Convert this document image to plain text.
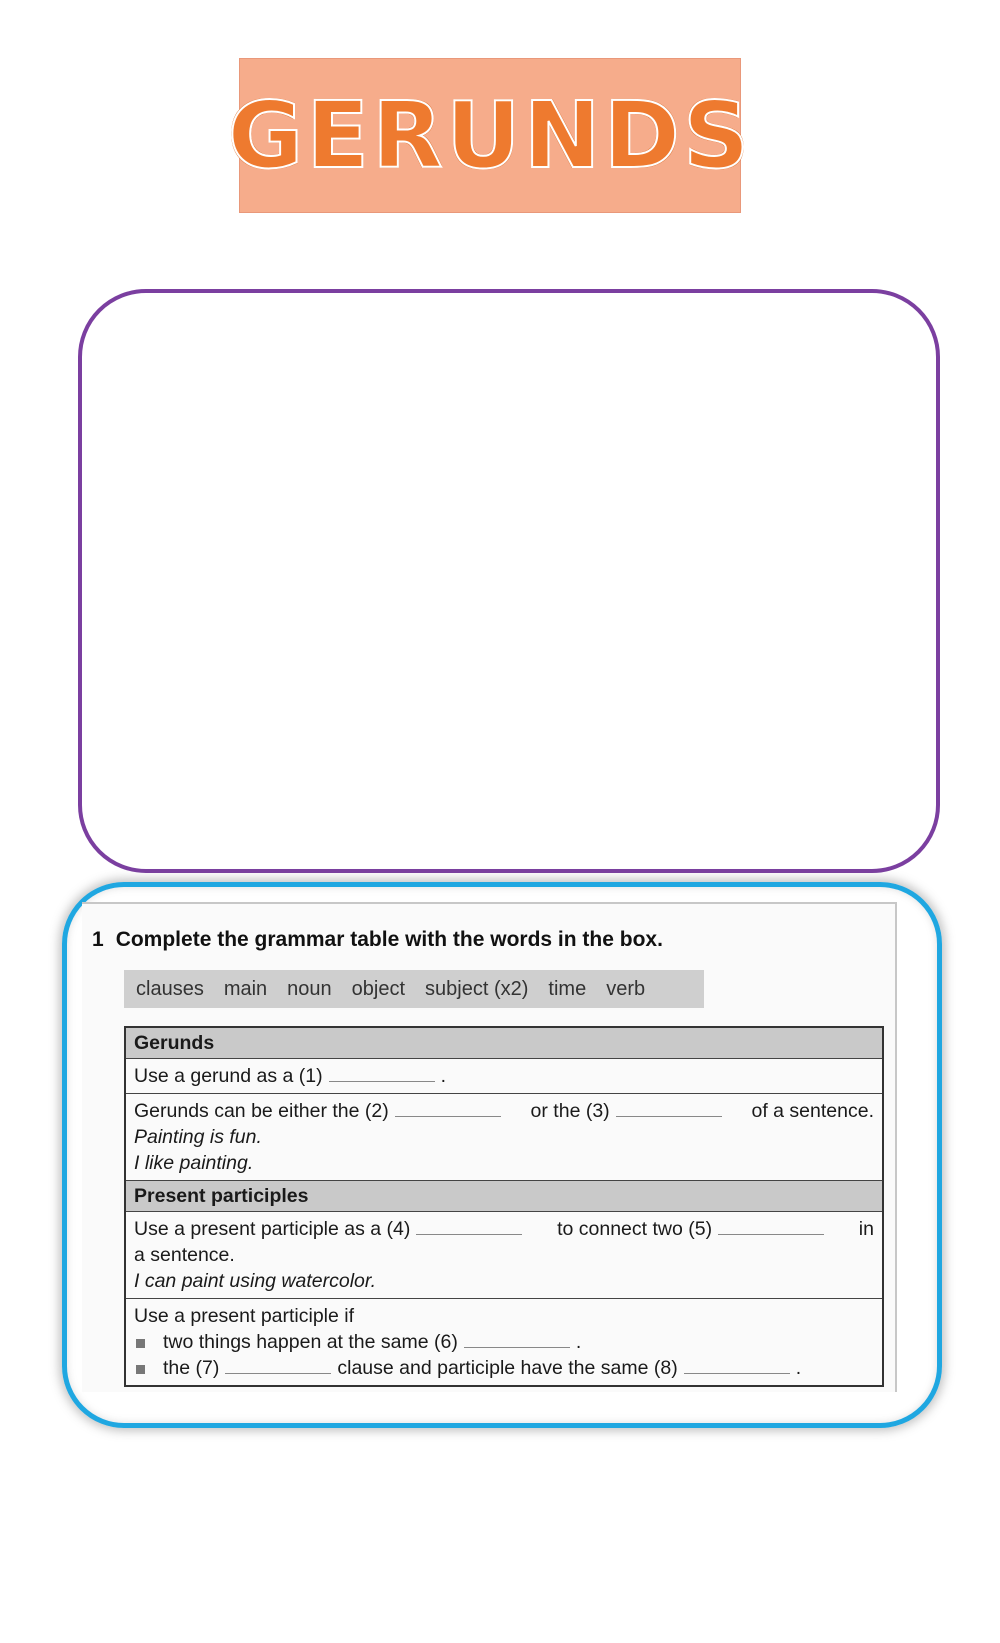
GERUNDS
1 Complete the grammar table with the words in the box.
clauses main noun object subject (x2) time verb
Gerunds
Use a gerund as a (1)	.

Gerunds can be either the (2)	or the (3)	of a sentence.
Painting is fun.
I like painting.

Present participles

Use a present participle as a (4)	to connect two (5)	in
a sentence.
I can paint using watercolor.

Use a present participle if
two things happen at the same (6)	.
the (7)	clause and participle have the same (8)	.
